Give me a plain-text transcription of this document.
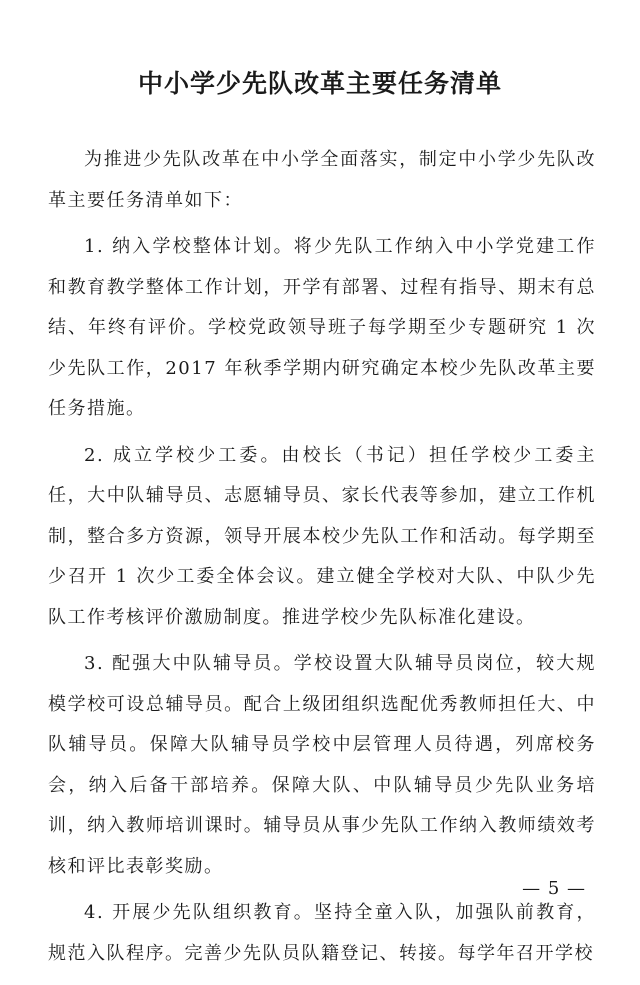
中小学少先队改革主要任务清单

为推进少先队改革在中小学全面落实，制定中小学少先队改革主要任务清单如下：

1. 纳入学校整体计划。将少先队工作纳入中小学党建工作和教育教学整体工作计划，开学有部署、过程有指导、期末有总结、年终有评价。学校党政领导班子每学期至少专题研究 1 次少先队工作，2017 年秋季学期内研究确定本校少先队改革主要任务措施。

2. 成立学校少工委。由校长（书记）担任学校少工委主任，大中队辅导员、志愿辅导员、家长代表等参加，建立工作机制，整合多方资源，领导开展本校少先队工作和活动。每学期至少召开 1 次少工委全体会议。建立健全学校对大队、中队少先队工作考核评价激励制度。推进学校少先队标准化建设。

3. 配强大中队辅导员。学校设置大队辅导员岗位，较大规模学校可设总辅导员。配合上级团组织选配优秀教师担任大、中队辅导员。保障大队辅导员学校中层管理人员待遇，列席校务会，纳入后备干部培养。保障大队、中队辅导员少先队业务培训，纳入教师培训课时。辅导员从事少先队工作纳入教师绩效考核和评比表彰奖励。

4. 开展少先队组织教育。坚持全童入队，加强队前教育，规范入队程序。完善少先队员队籍登记、转接。每学年召开学校

— 5 —
